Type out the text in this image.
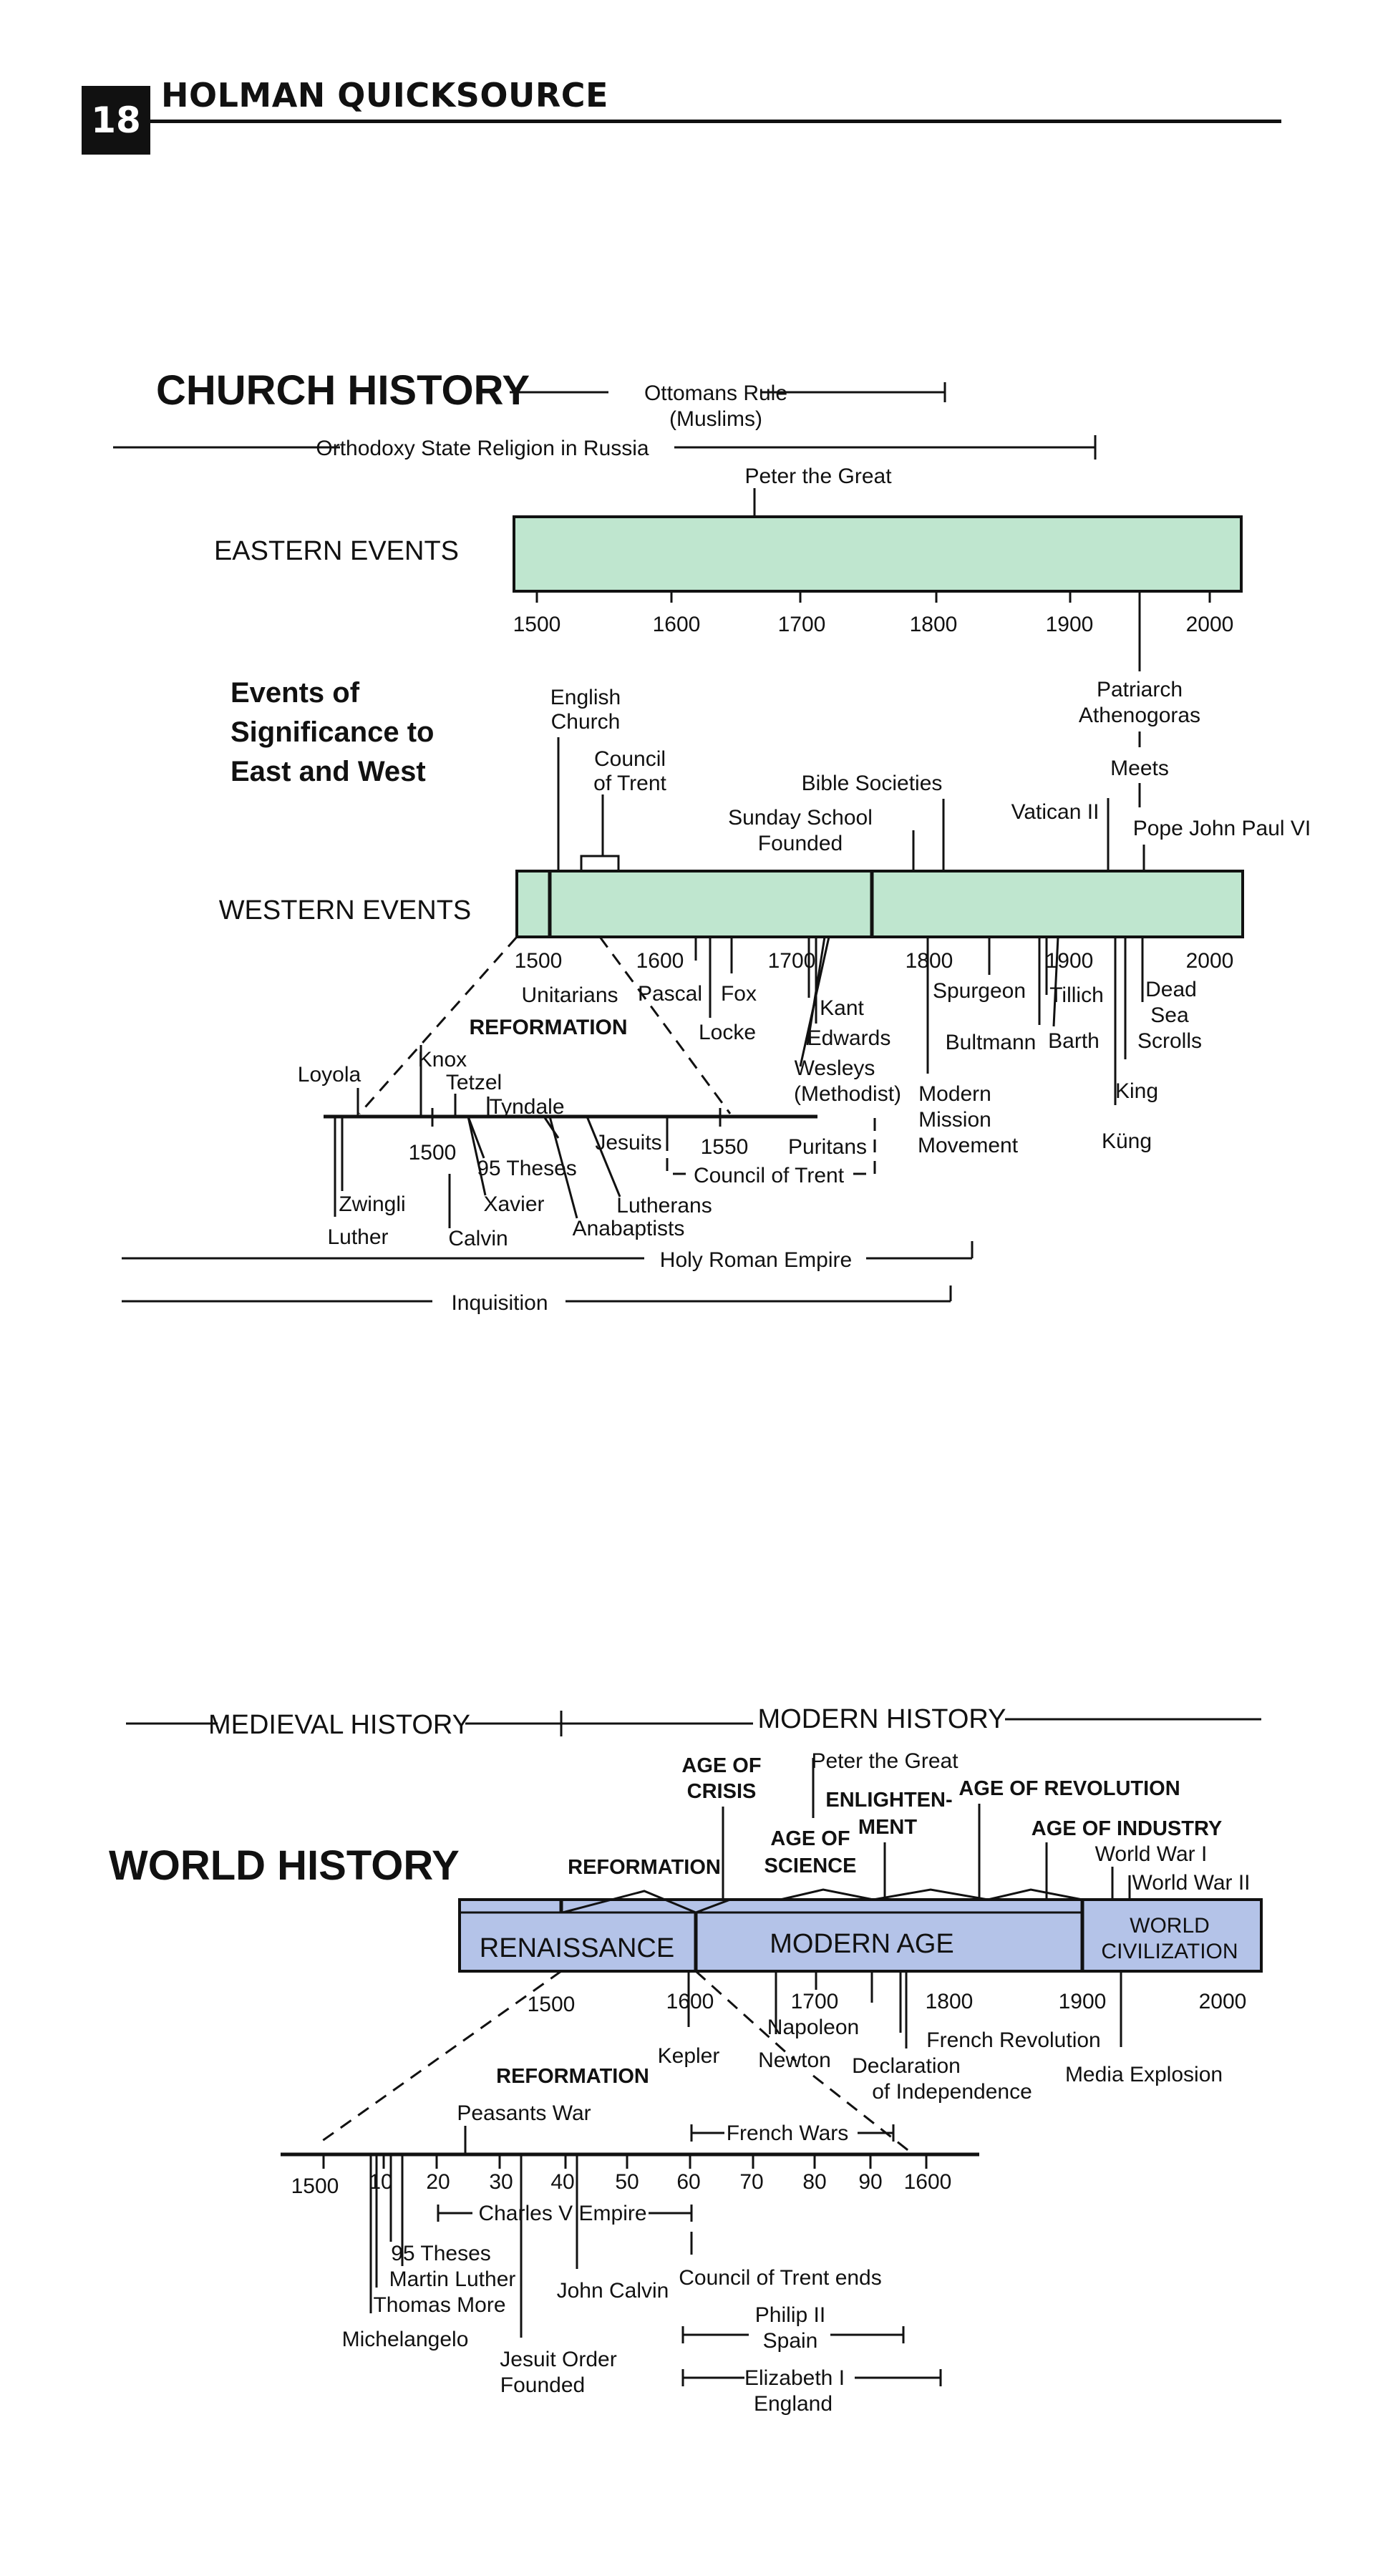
18
HOLMAN QUICKSOURCE
CHURCH HISTORY	Ottomans Rule
(Muslims)
Orthodoxy State Religion in Russia
Peter the Great
EASTERN EVENTS
1500	1600	1700	1800	1900	2000
Patriarch
Athenogoras
Meets
Pope John Paul VI
Vatican II
Events of
Significance to
East and West
English
Church
Council
of Trent	Bible Societies
Sunday School
Founded
WESTERN EVENTS
1500	1600	1700	1800	1900	2000
Unitarians Pascal Fox
Locke
Kant
Edwards
Wesleys
(Methodist)
Spurgeon Tillich
Barth
Bultmann
Dead
Sea
Scrolls
Modern
Mission
Movement
King
Küng
REFORMATION
Loyola
Knox
Tetzel
Tyndale
1500
95 Theses
Jesuits 1550 Puritans
Council of Trent
Zwingli
Luther
Xavier
Calvin
Lutherans
Anabaptists
Holy Roman Empire
Inquisition
MEDIEVAL HISTORY	MODERN HISTORY
WORLD HISTORY
AGE OF
CRISIS
Peter the Great
ENLIGHTEN-
MENT
AGE OF REVOLUTION
AGE OF
SCIENCE
AGE OF INDUSTRY
REFORMATION
World War I
World War II
RENAISSANCE	MODERN AGE
WORLD
CIVILIZATION
1500	1600	1700	1800	1900	2000
Napoleon
French Revolution
Kepler Newton Declaration
of Independence
Media Explosion
REFORMATION
Peasants War
French Wars
1500 10 20 30 40 50 60 70 80 90 1600
Charles V Empire
95 Theses
Martin Luther
Thomas More
Michelangelo
Jesuit Order
Founded
John Calvin
Council of Trent ends
Philip II
Spain
Elizabeth I
England
